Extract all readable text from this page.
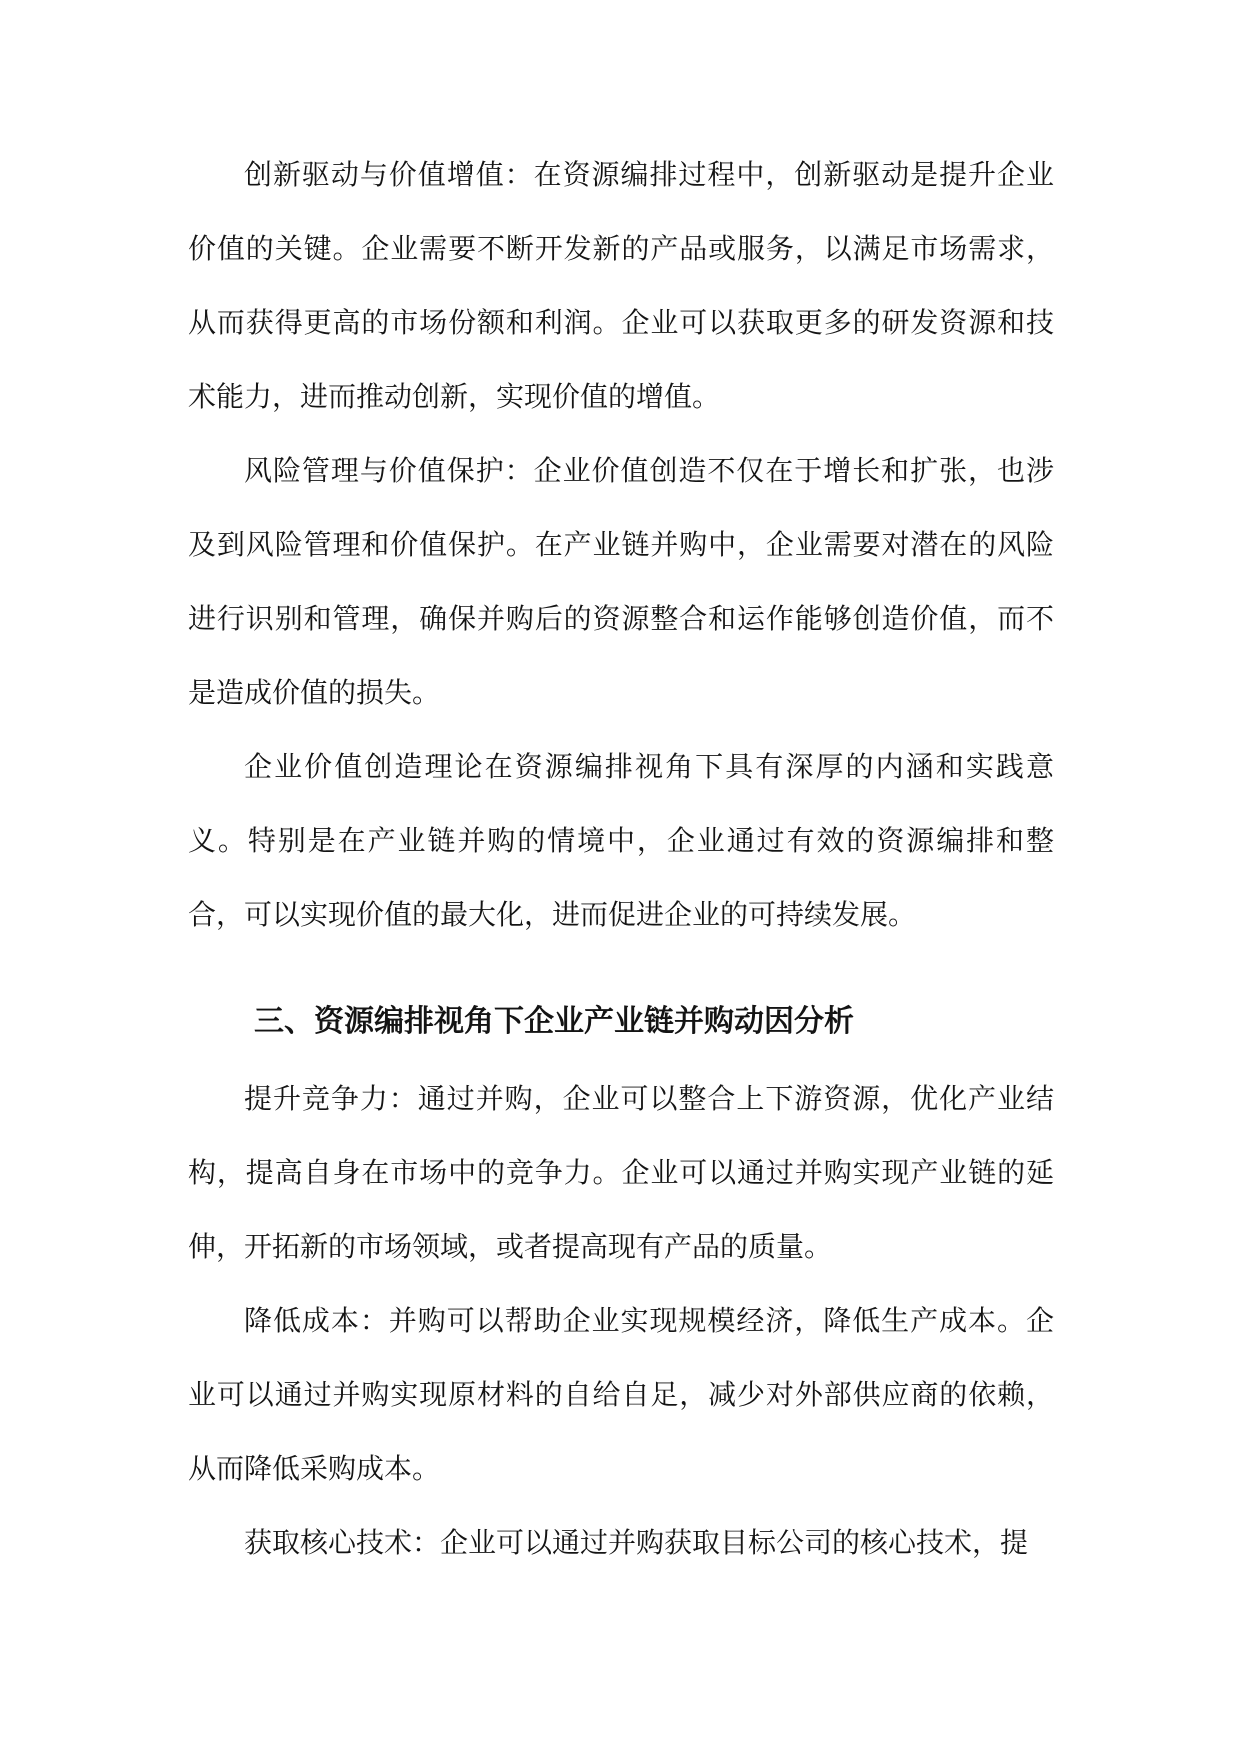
创新驱动与价值增值：在资源编排过程中，创新驱动是提升企业价值的关键。企业需要不断开发新的产品或服务，以满足市场需求，从而获得更高的市场份额和利润。企业可以获取更多的研发资源和技术能力，进而推动创新，实现价值的增值。

风险管理与价值保护：企业价值创造不仅在于增长和扩张，也涉及到风险管理和价值保护。在产业链并购中，企业需要对潜在的风险进行识别和管理，确保并购后的资源整合和运作能够创造价值，而不是造成价值的损失。

企业价值创造理论在资源编排视角下具有深厚的内涵和实践意义。特别是在产业链并购的情境中，企业通过有效的资源编排和整合，可以实现价值的最大化，进而促进企业的可持续发展。

三、资源编排视角下企业产业链并购动因分析

提升竞争力：通过并购，企业可以整合上下游资源，优化产业结构，提高自身在市场中的竞争力。企业可以通过并购实现产业链的延伸，开拓新的市场领域，或者提高现有产品的质量。

降低成本：并购可以帮助企业实现规模经济，降低生产成本。企业可以通过并购实现原材料的自给自足，减少对外部供应商的依赖，从而降低采购成本。

获取核心技术：企业可以通过并购获取目标公司的核心技术，提
